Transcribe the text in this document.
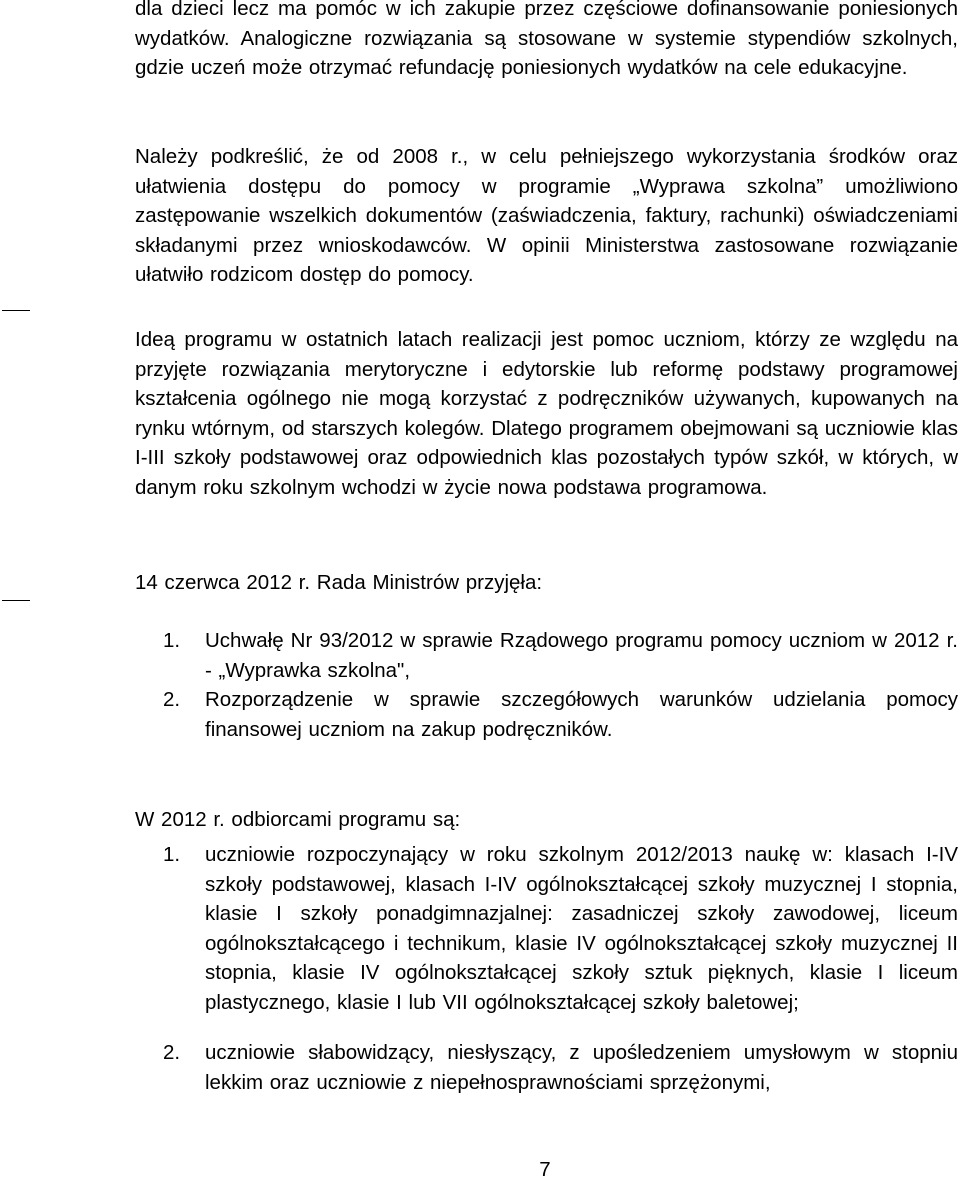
dla dzieci lecz ma pomóc w ich zakupie przez częściowe dofinansowanie poniesionych wydatków. Analogiczne rozwiązania są stosowane w systemie stypendiów szkolnych, gdzie uczeń może otrzymać refundację poniesionych wydatków na cele edukacyjne.
Należy podkreślić, że od 2008 r., w celu pełniejszego wykorzystania środków oraz ułatwienia dostępu do pomocy w programie „Wyprawa szkolna” umożliwiono zastępowanie wszelkich dokumentów (zaświadczenia, faktury, rachunki) oświadczeniami składanymi przez wnioskodawców. W opinii Ministerstwa zastosowane rozwiązanie ułatwiło rodzicom dostęp do pomocy.
Ideą programu w ostatnich latach realizacji jest pomoc uczniom, którzy ze względu na przyjęte rozwiązania merytoryczne i edytorskie lub reformę podstawy programowej kształcenia ogólnego nie mogą korzystać z podręczników używanych, kupowanych na rynku wtórnym, od starszych kolegów. Dlatego programem obejmowani są uczniowie klas I-III szkoły podstawowej oraz odpowiednich klas pozostałych typów szkół, w których, w danym roku szkolnym wchodzi w życie nowa podstawa programowa.
14 czerwca 2012 r. Rada Ministrów przyjęła:
1. Uchwałę Nr 93/2012 w sprawie Rządowego programu pomocy uczniom w 2012 r. - „Wyprawka szkolna",
2. Rozporządzenie w sprawie szczegółowych warunków udzielania pomocy finansowej uczniom na zakup podręczników.
W 2012 r. odbiorcami programu są:
1. uczniowie rozpoczynający w roku szkolnym 2012/2013 naukę w: klasach I-IV szkoły podstawowej, klasach I-IV ogólnokształcącej szkoły muzycznej I stopnia, klasie I szkoły ponadgimnazjalnej: zasadniczej szkoły zawodowej, liceum ogólnokształcącego i technikum, klasie IV ogólnokształcącej szkoły muzycznej II stopnia, klasie IV ogólnokształcącej szkoły sztuk pięknych, klasie I liceum plastycznego, klasie I lub VII ogólnokształcącej szkoły baletowej;
2. uczniowie słabowidzący, niesłyszący, z upośledzeniem umysłowym w stopniu lekkim oraz uczniowie z niepełnosprawnościami sprzężonymi,
7
